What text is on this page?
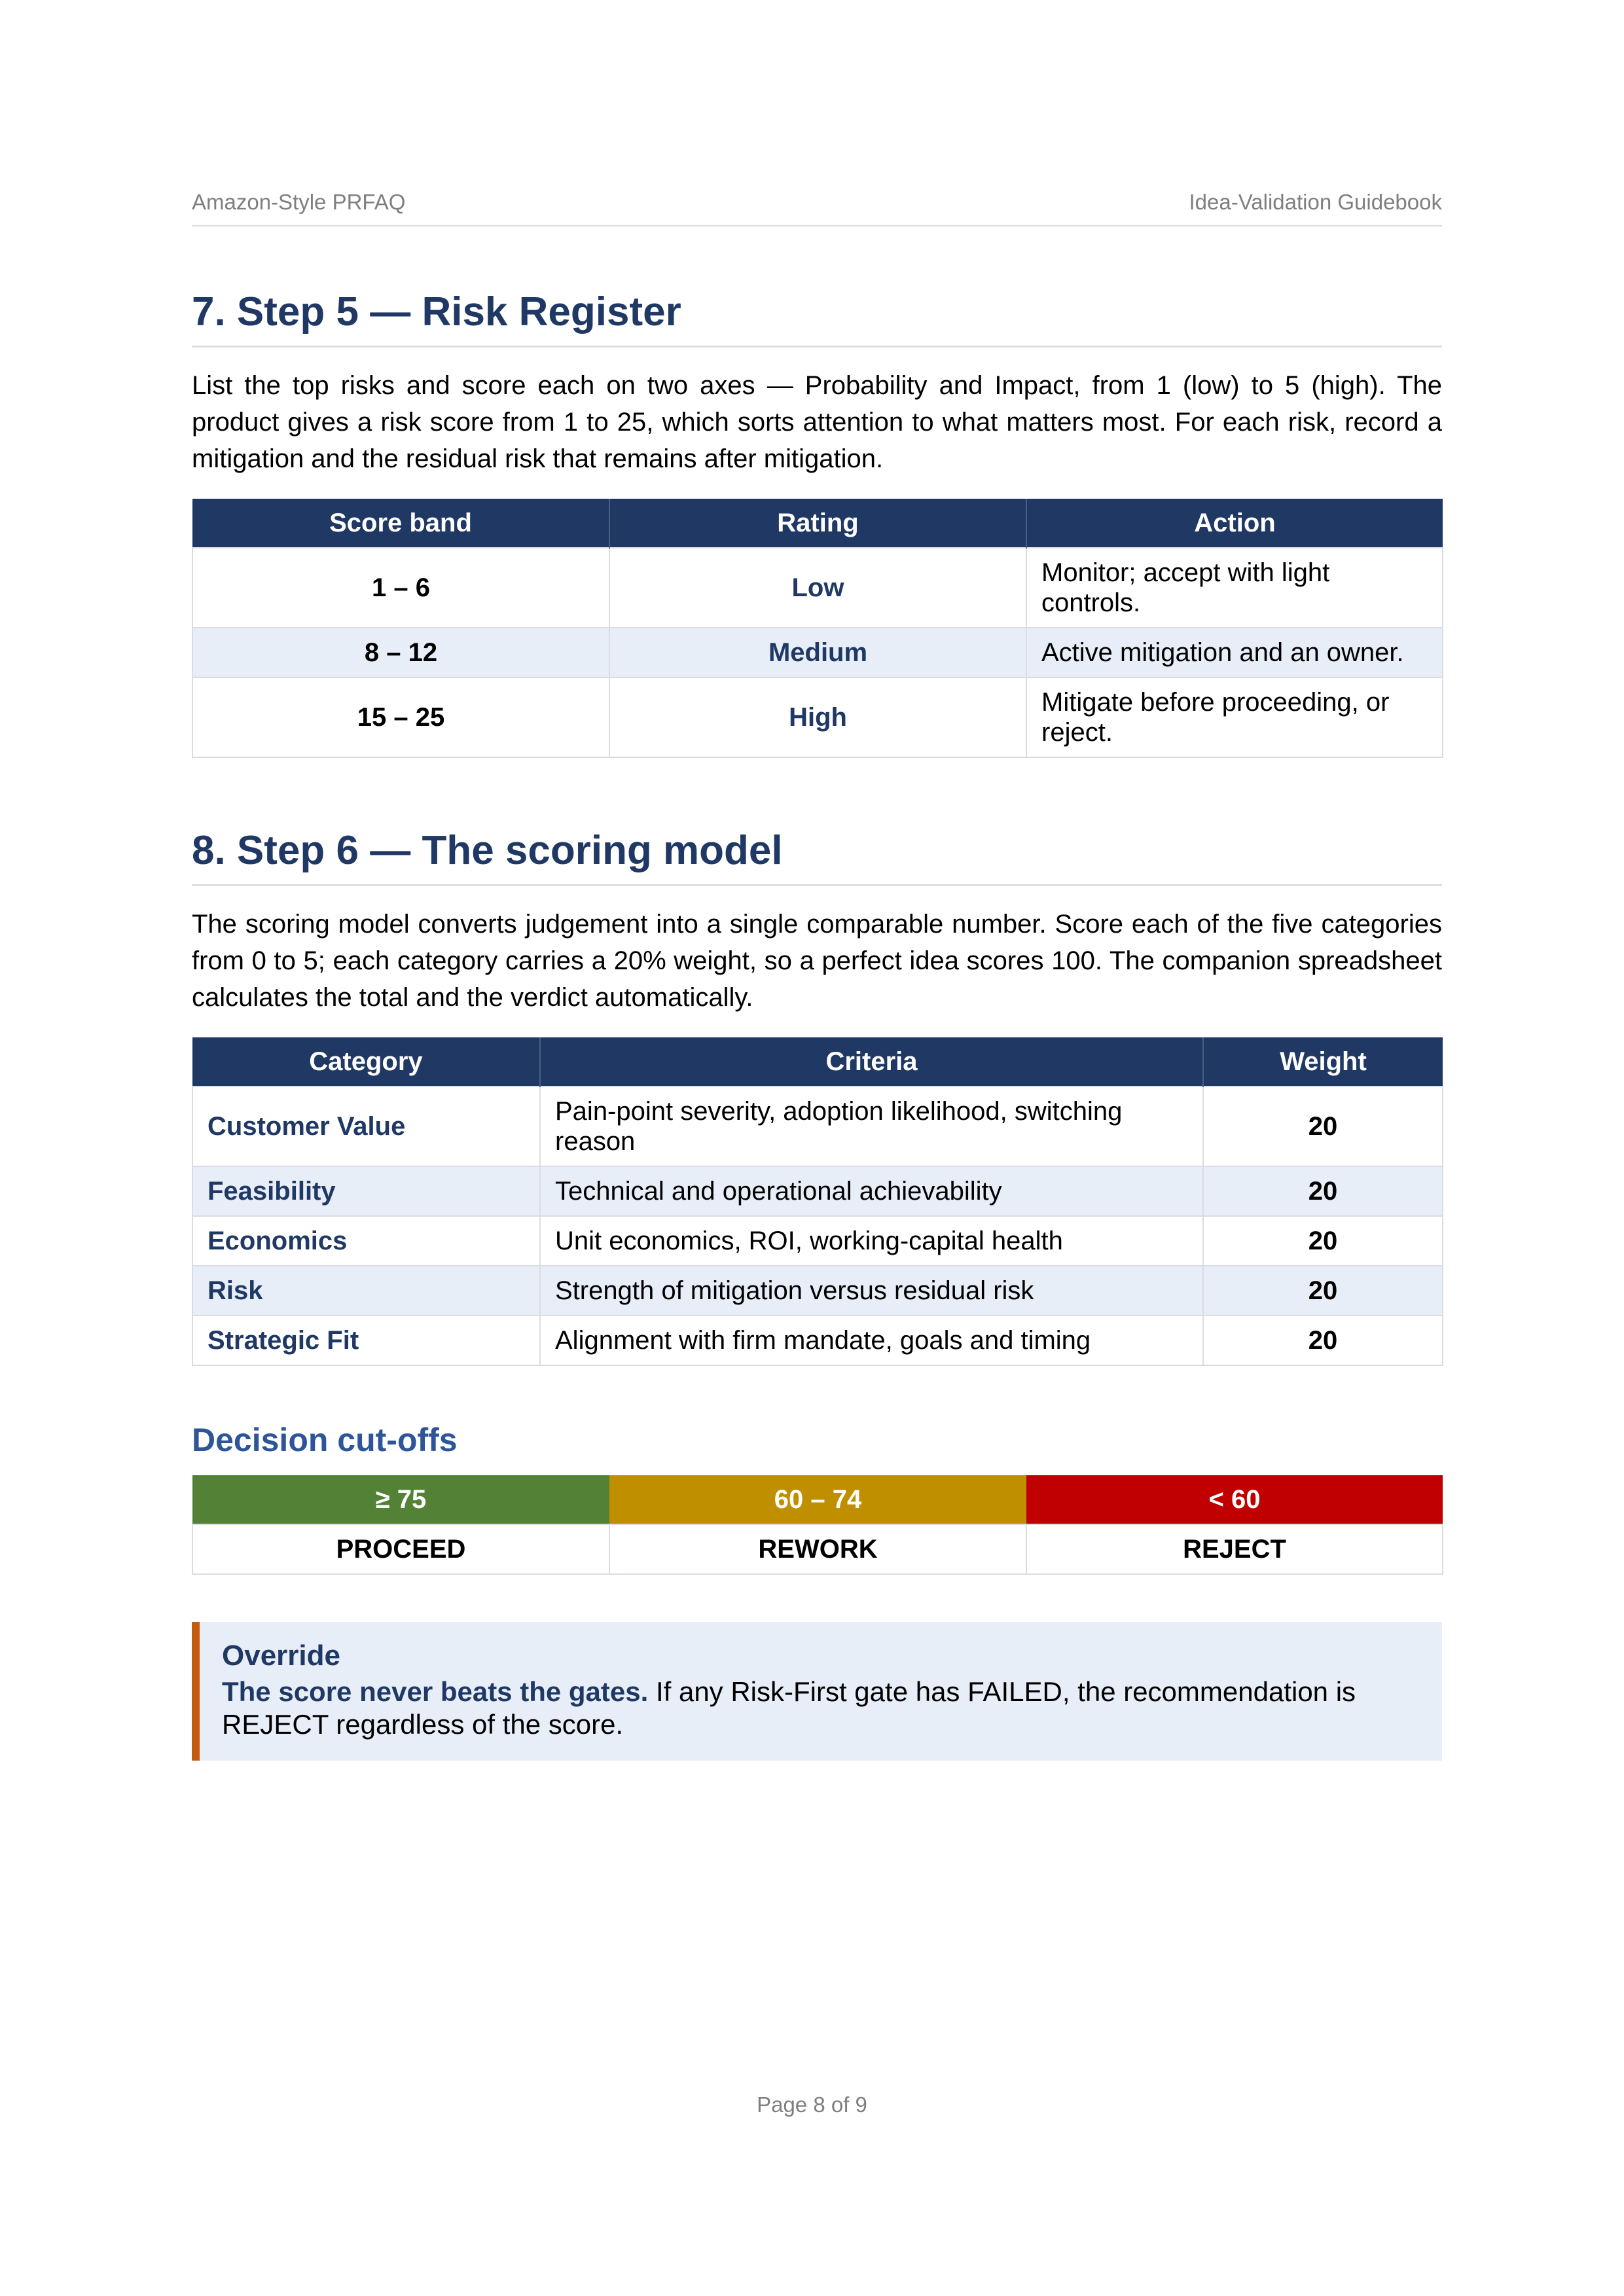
Amazon-Style PRFAQ	Idea-Validation Guidebook
7. Step 5 — Risk Register

List the top risks and score each on two axes — Probability and Impact, from 1 (low) to 5 (high). The product gives a risk score from 1 to 25, which sorts attention to what matters most. For each risk, record a mitigation and the residual risk that remains after mitigation.

Score band	Rating	Action
1 – 6	Low	Monitor; accept with light controls.
8 – 12	Medium	Active mitigation and an owner.
15 – 25	High	Mitigate before proceeding, or reject.
8. Step 6 — The scoring model

The scoring model converts judgement into a single comparable number. Score each of the five categories from 0 to 5; each category carries a 20% weight, so a perfect idea scores 100. The companion spreadsheet calculates the total and the verdict automatically.

Category	Criteria	Weight
Customer Value	Pain-point severity, adoption likelihood, switching reason	20
Feasibility	Technical and operational achievability	20
Economics	Unit economics, ROI, working-capital health	20
Risk	Strength of mitigation versus residual risk	20
Strategic Fit	Alignment with firm mandate, goals and timing	20
Decision cut-offs
≥ 75	60 – 74	< 60
PROCEED	REWORK	REJECT
Override
The score never beats the gates. If any Risk-First gate has FAILED, the recommendation is REJECT regardless of the score.
Page 8 of 9
